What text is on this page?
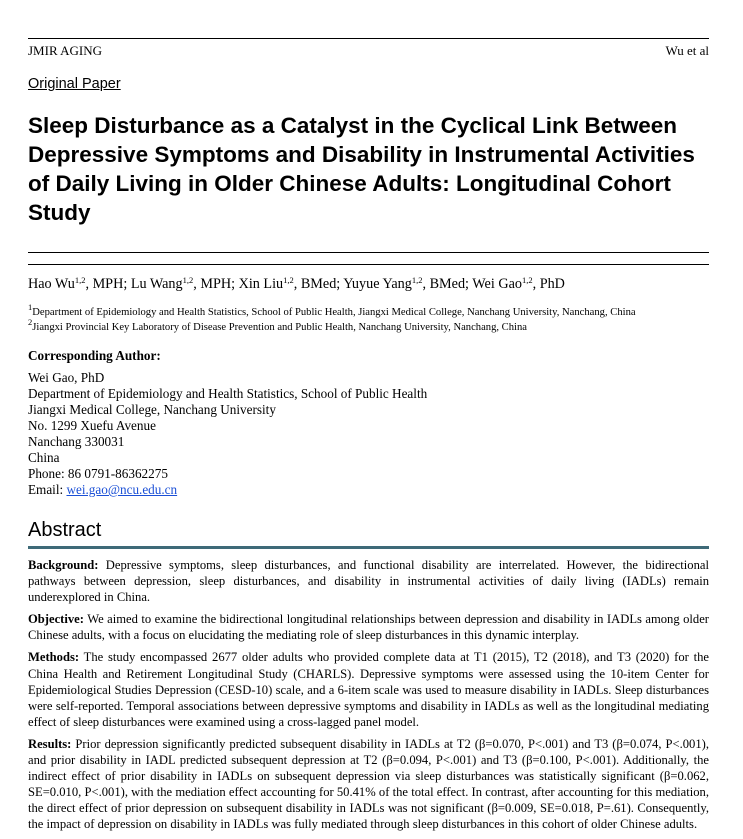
JMIR AGING	Wu et al
Original Paper
Sleep Disturbance as a Catalyst in the Cyclical Link Between Depressive Symptoms and Disability in Instrumental Activities of Daily Living in Older Chinese Adults: Longitudinal Cohort Study
Hao Wu$^{1,2}$, MPH; Lu Wang$^{1,2}$, MPH; Xin Liu$^{1,2}$, BMed; Yuyue Yang$^{1,2}$, BMed; Wei Gao$^{1,2}$, PhD
$^1$Department of Epidemiology and Health Statistics, School of Public Health, Jiangxi Medical College, Nanchang University, Nanchang, China
$^2$Jiangxi Provincial Key Laboratory of Disease Prevention and Public Health, Nanchang University, Nanchang, China
Corresponding Author:
Wei Gao, PhD
Department of Epidemiology and Health Statistics, School of Public Health
Jiangxi Medical College, Nanchang University
No. 1299 Xuefu Avenue
Nanchang 330031
China
Phone: 86 0791-86362275
Email: wei.gao@ncu.edu.cn
Abstract

Background: Depressive symptoms, sleep disturbances, and functional disability are interrelated. However, the bidirectional pathways between depression, sleep disturbances, and disability in instrumental activities of daily living (IADLs) remain underexplored in China.

Objective: We aimed to examine the bidirectional longitudinal relationships between depression and disability in IADLs among older Chinese adults, with a focus on elucidating the mediating role of sleep disturbances in this dynamic interplay.

Methods: The study encompassed 2677 older adults who provided complete data at T1 (2015), T2 (2018), and T3 (2020) for the China Health and Retirement Longitudinal Study (CHARLS). Depressive symptoms were assessed using the 10-item Center for Epidemiological Studies Depression (CESD-10) scale, and a 6-item scale was used to measure disability in IADLs. Sleep disturbances were self-reported. Temporal associations between depressive symptoms and disability in IADLs as well as the longitudinal mediating effect of sleep disturbances were examined using a cross-lagged panel model.

Results: Prior depression significantly predicted subsequent disability in IADLs at T2 (β=0.070, P<.001) and T3 (β=0.074, P<.001), and prior disability in IADL predicted subsequent depression at T2 (β=0.094, P<.001) and T3 (β=0.100, P<.001). Additionally, the indirect effect of prior disability in IADLs on subsequent depression via sleep disturbances was statistically significant (β=0.062, SE=0.010, P<.001), with the mediation effect accounting for 50.41% of the total effect. In contrast, after accounting for this mediation, the direct effect of prior depression on subsequent disability in IADLs was not significant (β=0.009, SE=0.018, P=.61). Consequently, the impact of depression on disability in IADLs was fully mediated through sleep disturbances in this cohort of older Chinese adults.
